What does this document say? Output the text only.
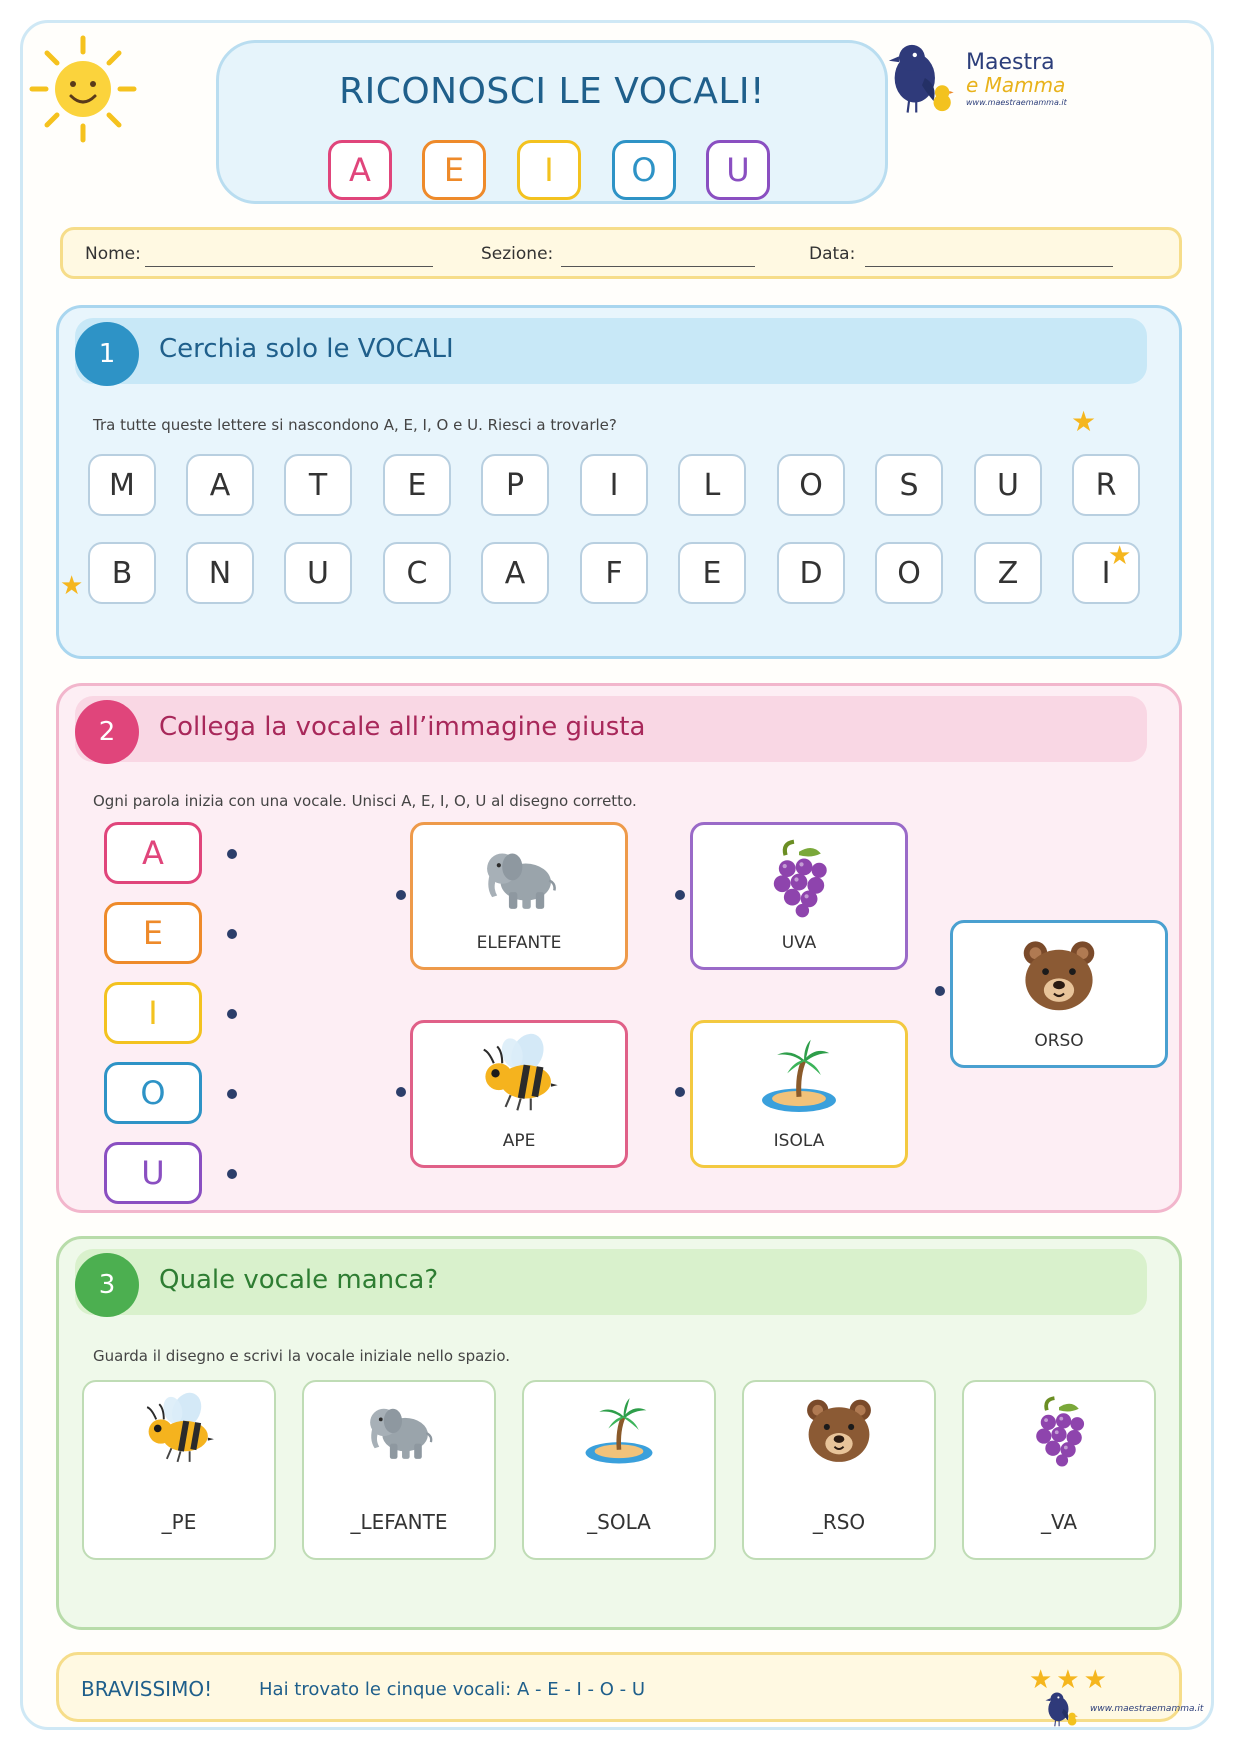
RICONOSCI LE VOCALI!
A	E	I	O	U
Maestra
e Mamma
www.maestraemamma.it
Nome:	Sezione:	Data:
1	Cerchia solo le VOCALI
Tra tutte queste lettere si nascondono A, E, I, O e U. Riesci a trovarle?
M	A	T	E	P	I	L	O	S	U	R
B	N	U	C	A	F	E	D	O	Z	I
★
★
★
2	Collega la vocale all’immagine giusta
Ogni parola inizia con una vocale. Unisci A, E, I, O, U al disegno corretto.
A
E
I
O
U
ELEFANTE	UVA
ORSO
APE	ISOLA
3	Quale vocale manca?
Guarda il disegno e scrivi la vocale iniziale nello spazio.
_PE	_LEFANTE	_SOLA	_RSO	_VA
BRAVISSIMO!	Hai trovato le cinque vocali: A - E - I - O - U	★★★
www.maestraemamma.it
